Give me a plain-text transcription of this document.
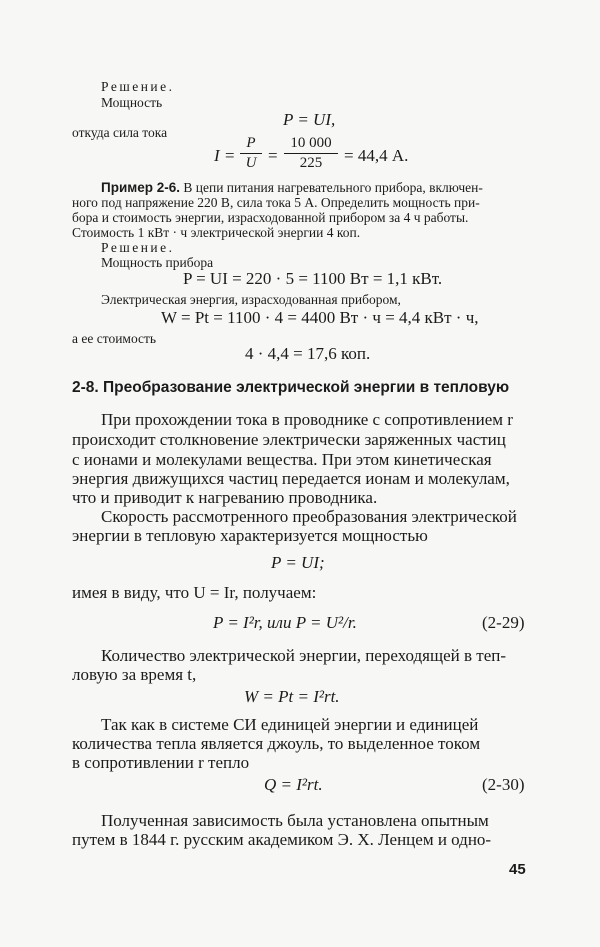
Решение.
Мощность
P = UI,
откуда сила тока
I =
P
U =
10 000
225	= 44,4 А.
Пример 2-6. В цепи питания нагревательного прибора, включен-
ного под напряжение 220 В, сила тока 5 А. Определить мощность при-
бора и стоимость энергии, израсходованной прибором за 4 ч работы.
Стоимость 1 кВт · ч электрической энергии 4 коп.
Решение.
Мощность прибора
P = UI = 220 · 5 = 1100 Вт = 1,1 кВт.
Электрическая энергия, израсходованная прибором,
W = Pt = 1100 · 4 = 4400 Вт · ч = 4,4 кВт · ч,
а ее стоимость
4 · 4,4 = 17,6 коп.
2-8. Преобразование электрической энергии в тепловую
При прохождении тока в проводнике с сопротивлением r
происходит столкновение электрически заряженных частиц
с ионами и молекулами вещества. При этом кинетическая
энергия движущихся частиц передается ионам и молекулам,
что и приводит к нагреванию проводника.
Скорость рассмотренного преобразования электрической
энергии в тепловую характеризуется мощностью
P = UI;
имея в виду, что U = Ir, получаем:
P = I²r, или P = U²/r.	(2-29)
Количество электрической энергии, переходящей в теп-
ловую за время t,
W = Pt = I²rt.
Так как в системе СИ единицей энергии и единицей
количества тепла является джоуль, то выделенное током
в сопротивлении r тепло
Q = I²rt.	(2-30)
Полученная зависимость была установлена опытным
путем в 1844 г. русским академиком Э. Х. Ленцем и одно-
45
